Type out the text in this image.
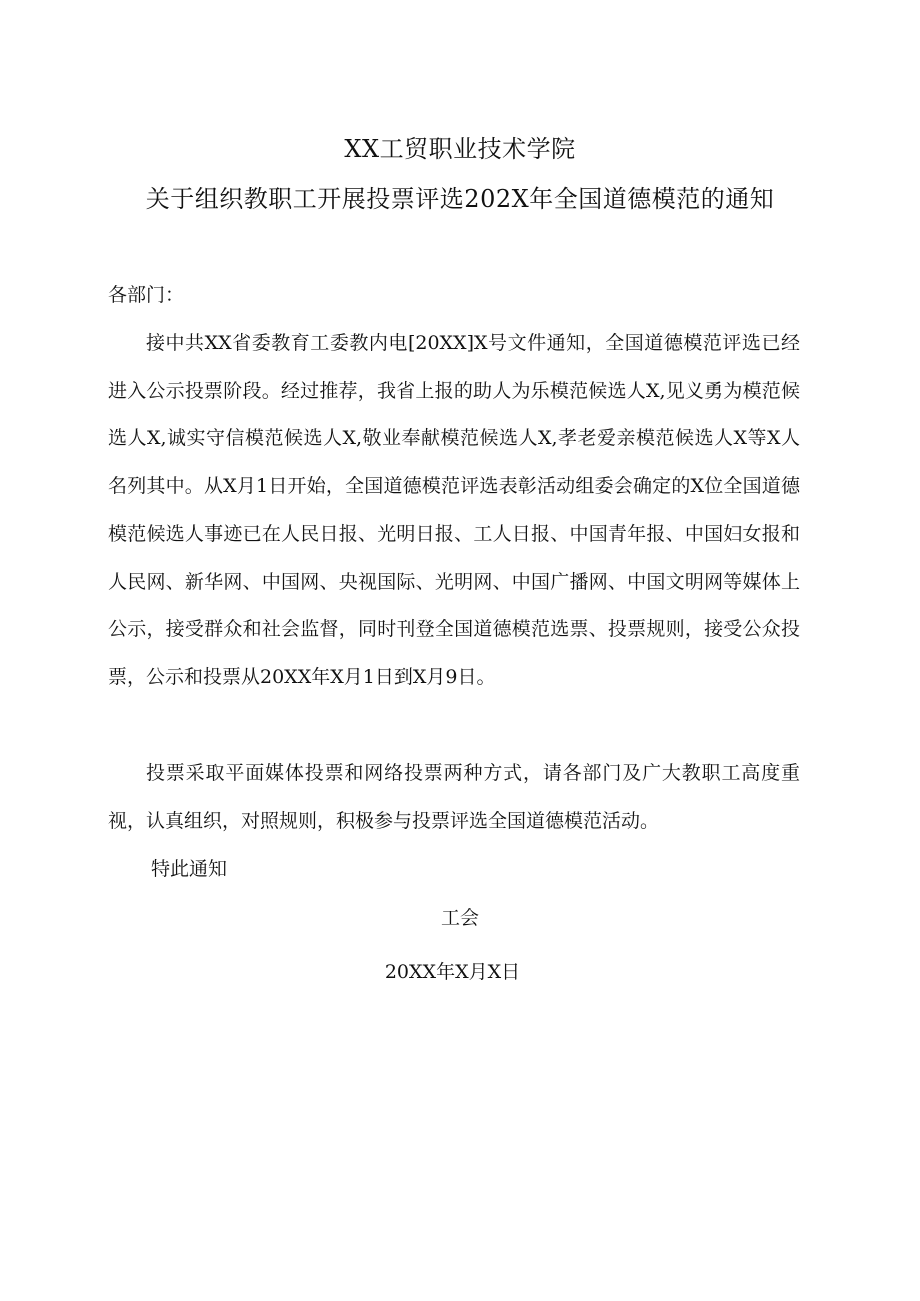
XX工贸职业技术学院
关于组织教职工开展投票评选202X年全国道德模范的通知
各部门：

接中共XX省委教育工委教内电[20XX]X号文件通知，全国道德模范评选已经进入公示投票阶段。经过推荐，我省上报的助人为乐模范候选人X,见义勇为模范候选人X,诚实守信模范候选人X,敬业奉献模范候选人X,孝老爱亲模范候选人X等X人名列其中。从X月1日开始，全国道德模范评选表彰活动组委会确定的X位全国道德模范候选人事迹已在人民日报、光明日报、工人日报、中国青年报、中国妇女报和人民网、新华网、中国网、央视国际、光明网、中国广播网、中国文明网等媒体上公示，接受群众和社会监督，同时刊登全国道德模范选票、投票规则，接受公众投票，公示和投票从20XX年X月1日到X月9日。

投票采取平面媒体投票和网络投票两种方式，请各部门及广大教职工高度重视，认真组织，对照规则，积极参与投票评选全国道德模范活动。

特此通知
工会
20XX年X月X日
